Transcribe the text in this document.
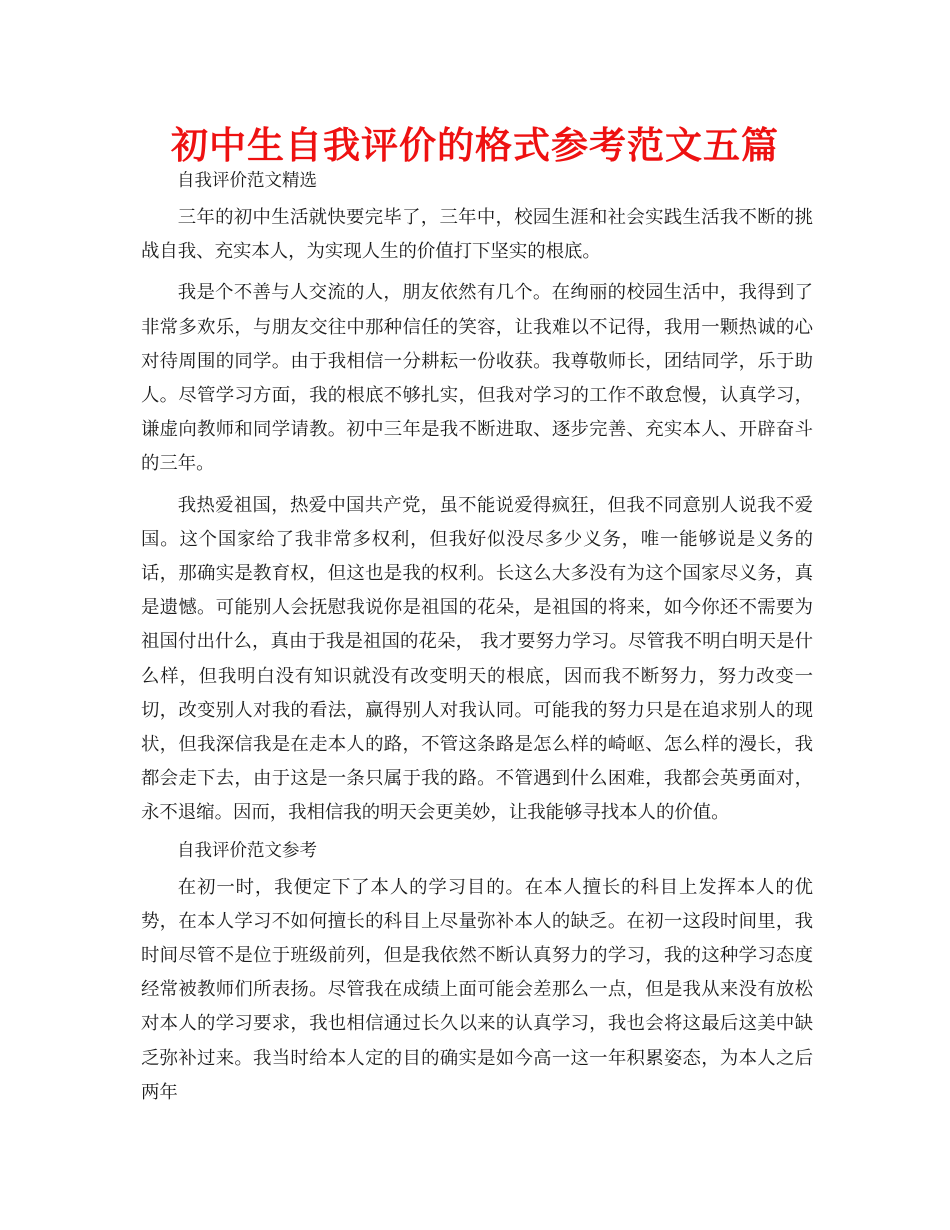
初中生自我评价的格式参考范文五篇

自我评价范文精选

三年的初中生活就快要完毕了，三年中，校园生涯和社会实践生活我不断的挑战自我、充实本人，为实现人生的价值打下坚实的根底。

我是个不善与人交流的人，朋友依然有几个。在绚丽的校园生活中，我得到了非常多欢乐，与朋友交往中那种信任的笑容，让我难以不记得，我用一颗热诚的心对待周围的同学。由于我相信一分耕耘一份收获。我尊敬师长，团结同学，乐于助人。尽管学习方面，我的根底不够扎实，但我对学习的工作不敢怠慢，认真学习，谦虚向教师和同学请教。初中三年是我不断进取、逐步完善、充实本人、开辟奋斗的三年。

我热爱祖国，热爱中国共产党，虽不能说爱得疯狂，但我不同意别人说我不爱国。这个国家给了我非常多权利，但我好似没尽多少义务，唯一能够说是义务的话，那确实是教育权，但这也是我的权利。长这么大多没有为这个国家尽义务，真是遗憾。可能别人会抚慰我说你是祖国的花朵，是祖国的将来，如今你还不需要为祖国付出什么，真由于我是祖国的花朵， 我才要努力学习。尽管我不明白明天是什么样，但我明白没有知识就没有改变明天的根底，因而我不断努力，努力改变一切，改变别人对我的看法，赢得别人对我认同。可能我的努力只是在追求别人的现状，但我深信我是在走本人的路，不管这条路是怎么样的崎岖、怎么样的漫长，我都会走下去，由于这是一条只属于我的路。不管遇到什么困难，我都会英勇面对，永不退缩。因而，我相信我的明天会更美妙，让我能够寻找本人的价值。

自我评价范文参考

在初一时，我便定下了本人的学习目的。在本人擅长的科目上发挥本人的优势，在本人学习不如何擅长的科目上尽量弥补本人的缺乏。在初一这段时间里，我时间尽管不是位于班级前列，但是我依然不断认真努力的学习，我的这种学习态度经常被教师们所表扬。尽管我在成绩上面可能会差那么一点，但是我从来没有放松对本人的学习要求，我也相信通过长久以来的认真学习，我也会将这最后这美中缺乏弥补过来。我当时给本人定的目的确实是如今高一这一年积累姿态，为本人之后两年
